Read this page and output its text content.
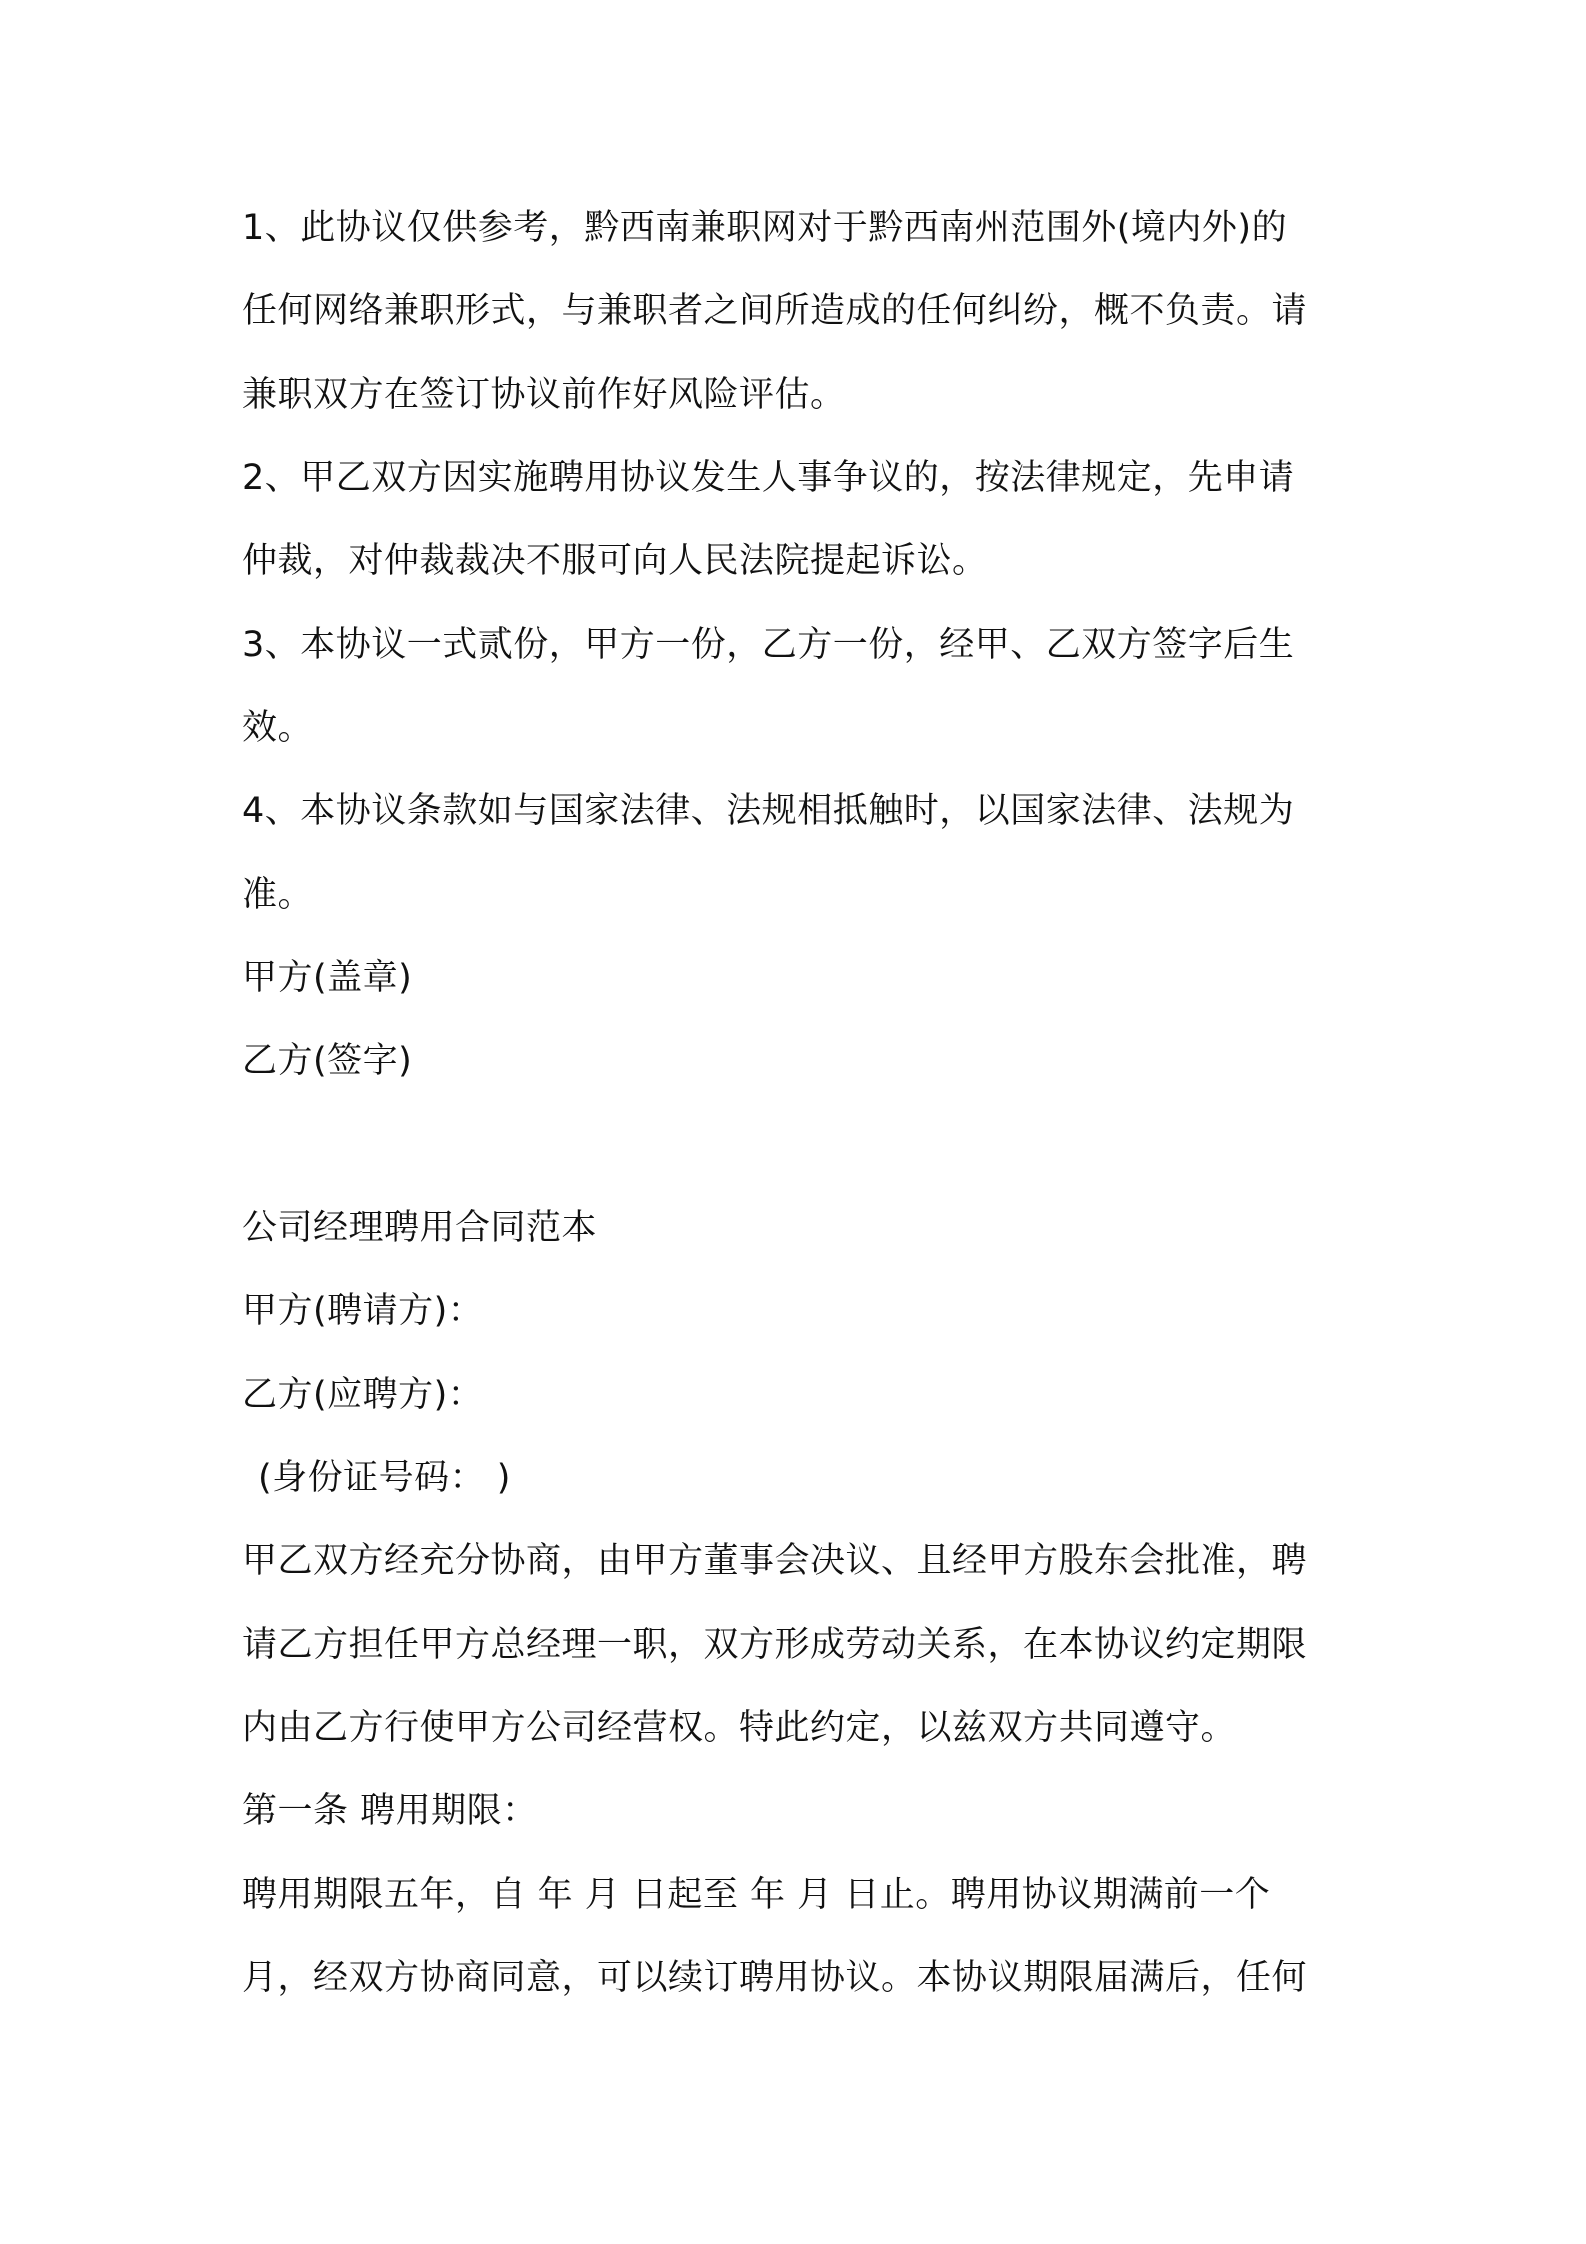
1、此协议仅供参考，黔西南兼职网对于黔西南州范围外(境内外)的
任何网络兼职形式，与兼职者之间所造成的任何纠纷，概不负责。请
兼职双方在签订协议前作好风险评估。
2、甲乙双方因实施聘用协议发生人事争议的，按法律规定，先申请
仲裁，对仲裁裁决不服可向人民法院提起诉讼。
3、本协议一式贰份，甲方一份，乙方一份，经甲、乙双方签字后生
效。
4、本协议条款如与国家法律、法规相抵触时，以国家法律、法规为
准。
甲方(盖章)
乙方(签字)
公司经理聘用合同范本
甲方(聘请方)：
乙方(应聘方)：
(身份证号码： )
甲乙双方经充分协商，由甲方董事会决议、且经甲方股东会批准，聘
请乙方担任甲方总经理一职，双方形成劳动关系，在本协议约定期限
内由乙方行使甲方公司经营权。特此约定，以兹双方共同遵守。
第一条 聘用期限：
聘用期限五年，自 年 月 日起至 年 月 日止。聘用协议期满前一个
月，经双方协商同意，可以续订聘用协议。本协议期限届满后，任何
